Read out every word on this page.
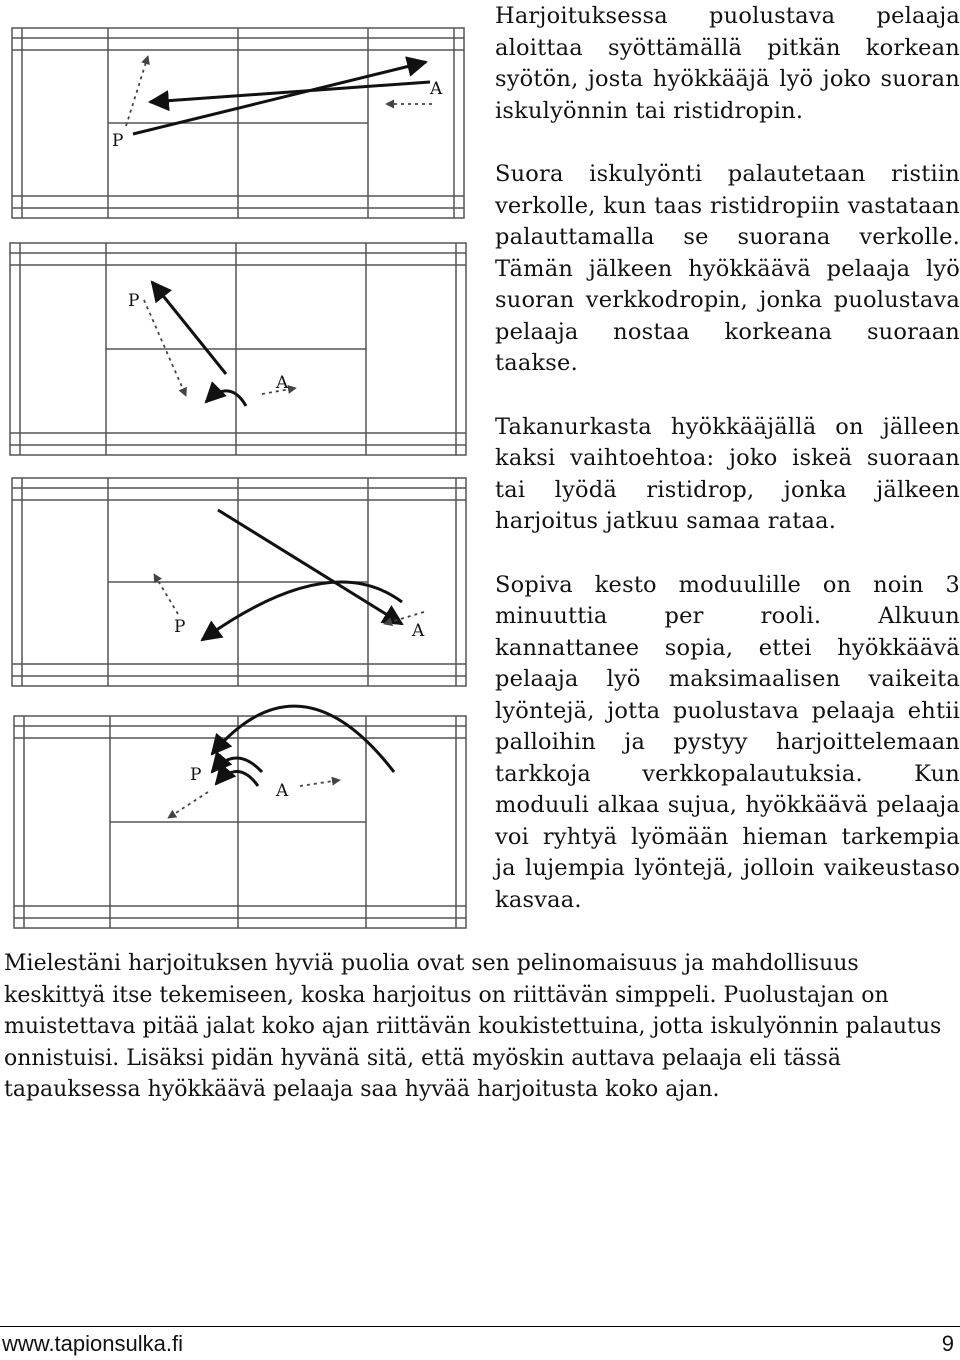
P
A
P
A
P	A
P
A

Harjoituksessa puolustava pelaaja aloittaa syöttämällä pitkän korkean syötön, josta hyökkääjä lyö joko suoran iskulyönnin tai ristidropin.

Suora iskulyönti palautetaan ristiin verkolle, kun taas ristidropiin vastataan palauttamalla se suorana verkolle. Tämän jälkeen hyökkäävä pelaaja lyö suoran verkkodropin, jonka puolustava pelaaja nostaa korkeana suoraan taakse.

Takanurkasta hyökkääjällä on jälleen kaksi vaihtoehtoa: joko iskeä suoraan tai lyödä ristidrop, jonka jälkeen harjoitus jatkuu samaa rataa.

Sopiva kesto moduulille on noin 3 minuuttia per rooli. Alkuun kannattanee sopia, ettei hyökkäävä pelaaja lyö maksimaalisen vaikeita lyöntejä, jotta puolustava pelaaja ehtii palloihin ja pystyy harjoittelemaan tarkkoja verkkopalautuksia. Kun moduuli alkaa sujua, hyökkäävä pelaaja voi ryhtyä lyömään hieman tarkempia ja lujempia lyöntejä, jolloin vaikeustaso kasvaa.

Mielestäni harjoituksen hyviä puolia ovat sen pelinomaisuus ja mahdollisuus keskittyä itse tekemiseen, koska harjoitus on riittävän simppeli. Puolustajan on muistettava pitää jalat koko ajan riittävän koukistettuina, jotta iskulyönnin palautus onnistuisi. Lisäksi pidän hyvänä sitä, että myöskin auttava pelaaja eli tässä tapauksessa hyökkäävä pelaaja saa hyvää harjoitusta koko ajan.

www.tapionsulka.fi	9
